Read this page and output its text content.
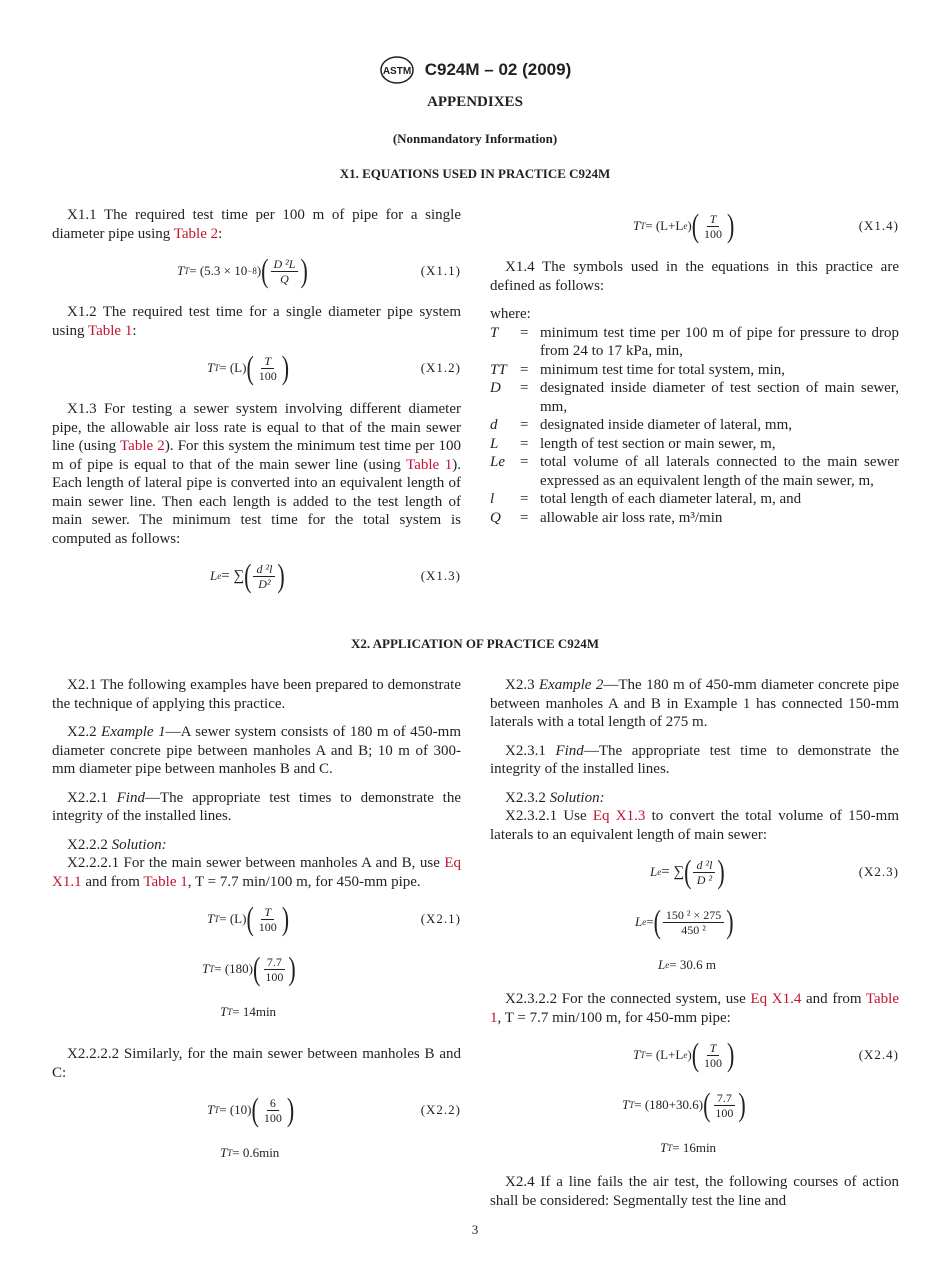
ASTM C924M – 02 (2009)
APPENDIXES
(Nonmandatory Information)
X1. EQUATIONS USED IN PRACTICE C924M

X1.1 The required test time per 100 m of pipe for a single diameter pipe using Table 2:

T T = (5.3 × 10 −8 ) ( $\frac{\text{D ²L}}{Q}$ )	(X1.1)

X1.2 The required test time for a single diameter pipe system using Table 1:

T T = (L) ( $\frac{T}{100}$ )	(X1.2)

X1.3 For testing a sewer system involving different diameter pipe, the allowable air loss rate is equal to that of the main sewer line (using Table 2). For this system the minimum test time per 100 m of pipe is equal to that of the main sewer line (using Table 1). Each length of lateral pipe is converted into an equivalent length of main sewer line. Then each length is added to the test length of main sewer. The minimum test time for the total system is computed as follows:

L e = ∑ ( $\frac{\text{d ²l}}{\text{D²}}$ )	(X1.3)
T T = (L+L e ) ( $\frac{T}{100}$ )	(X1.4)

X1.4 The symbols used in the equations in this practice are defined as follows:

where:

T = minimum test time per 100 m of pipe for pressure to drop from 24 to 17 kPa, min,
TT = minimum test time for total system, min,
D = designated inside diameter of test section of main sewer, mm,
d = designated inside diameter of lateral, mm,
L = length of test section or main sewer, m,
Le = total volume of all laterals connected to the main sewer expressed as an equivalent length of the main sewer, m,
l = total length of each diameter lateral, m, and
Q = allowable air loss rate, m³/min
X2. APPLICATION OF PRACTICE C924M

X2.1 The following examples have been prepared to demonstrate the technique of applying this practice.

X2.2 Example 1—A sewer system consists of 180 m of 450-mm diameter concrete pipe between manholes A and B; 10 m of 300-mm diameter pipe between manholes B and C.

X2.2.1 Find—The appropriate test times to demonstrate the integrity of the installed lines.

X2.2.2 Solution:

X2.2.2.1 For the main sewer between manholes A and B, use Eq X1.1 and from Table 1, T = 7.7 min/100 m, for 450-mm pipe.

T T = (L) ( $\frac{T}{100}$ )	(X2.1)
T T = (180) ( $\frac{7.7}{100}$ )
T T = 14min

X2.2.2.2 Similarly, for the main sewer between manholes B and C:

T T = (10) ( $\frac{6}{100}$ )	(X2.2)
T T = 0.6min

X2.3 Example 2—The 180 m of 450-mm diameter concrete pipe between manholes A and B in Example 1 has connected 150-mm laterals with a total length of 275 m.

X2.3.1 Find—The appropriate test time to demonstrate the integrity of the installed lines.

X2.3.2 Solution:

X2.3.2.1 Use Eq X1.3 to convert the total volume of 150-mm laterals to an equivalent length of main sewer:

L e = ∑ ( $\frac{\text{d ²l}}{\text{D ²}}$ )	(X2.3)
L e = ( $\frac{\text{150 ² × 275}}{\text{450 ²}}$ )
L e = 30.6 m

X2.3.2.2 For the connected system, use Eq X1.4 and from Table 1, T = 7.7 min/100 m, for 450-mm pipe:

T T = (L+L e ) ( $\frac{T}{100}$ )	(X2.4)
T T = (180+30.6) ( $\frac{7.7}{100}$ )
T T = 16min

X2.4 If a line fails the air test, the following courses of action shall be considered: Segmentally test the line and

3
